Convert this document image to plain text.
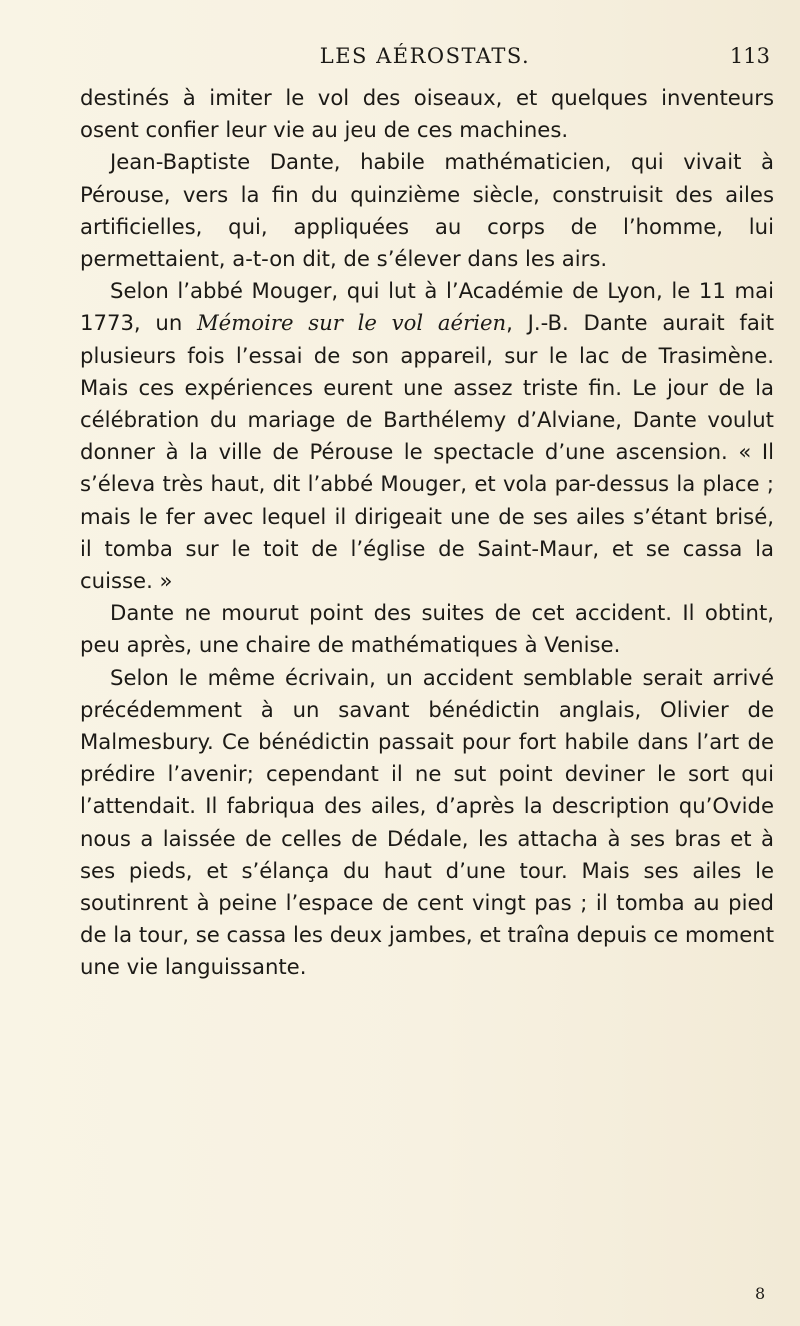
LES AÉROSTATS.	113

destinés à imiter le vol des oiseaux, et quelques inventeurs osent confier leur vie au jeu de ces machines.

Jean-Baptiste Dante, habile mathématicien, qui vivait à Pérouse, vers la fin du quinzième siècle, construisit des ailes artificielles, qui, appliquées au corps de l’homme, lui permettaient, a-t-on dit, de s’élever dans les airs.

Selon l’abbé Mouger, qui lut à l’Académie de Lyon, le 11 mai 1773, un Mémoire sur le vol aérien, J.-B. Dante aurait fait plusieurs fois l’essai de son appareil, sur le lac de Trasimène. Mais ces expériences eurent une assez triste fin. Le jour de la célébration du mariage de Barthélemy d’Alviane, Dante voulut donner à la ville de Pérouse le spectacle d’une ascension. « Il s’éleva très haut, dit l’abbé Mouger, et vola par-dessus la place ; mais le fer avec lequel il dirigeait une de ses ailes s’étant brisé, il tomba sur le toit de l’église de Saint-Maur, et se cassa la cuisse. »

Dante ne mourut point des suites de cet accident. Il obtint, peu après, une chaire de mathématiques à Venise.

Selon le même écrivain, un accident semblable serait arrivé précédemment à un savant bénédictin anglais, Olivier de Malmesbury. Ce bénédictin passait pour fort habile dans l’art de prédire l’avenir; cependant il ne sut point deviner le sort qui l’attendait. Il fabriqua des ailes, d’après la description qu’Ovide nous a laissée de celles de Dédale, les attacha à ses bras et à ses pieds, et s’élança du haut d’une tour. Mais ses ailes le soutinrent à peine l’espace de cent vingt pas ; il tomba au pied de la tour, se cassa les deux jambes, et traîna depuis ce moment une vie languissante.

8
